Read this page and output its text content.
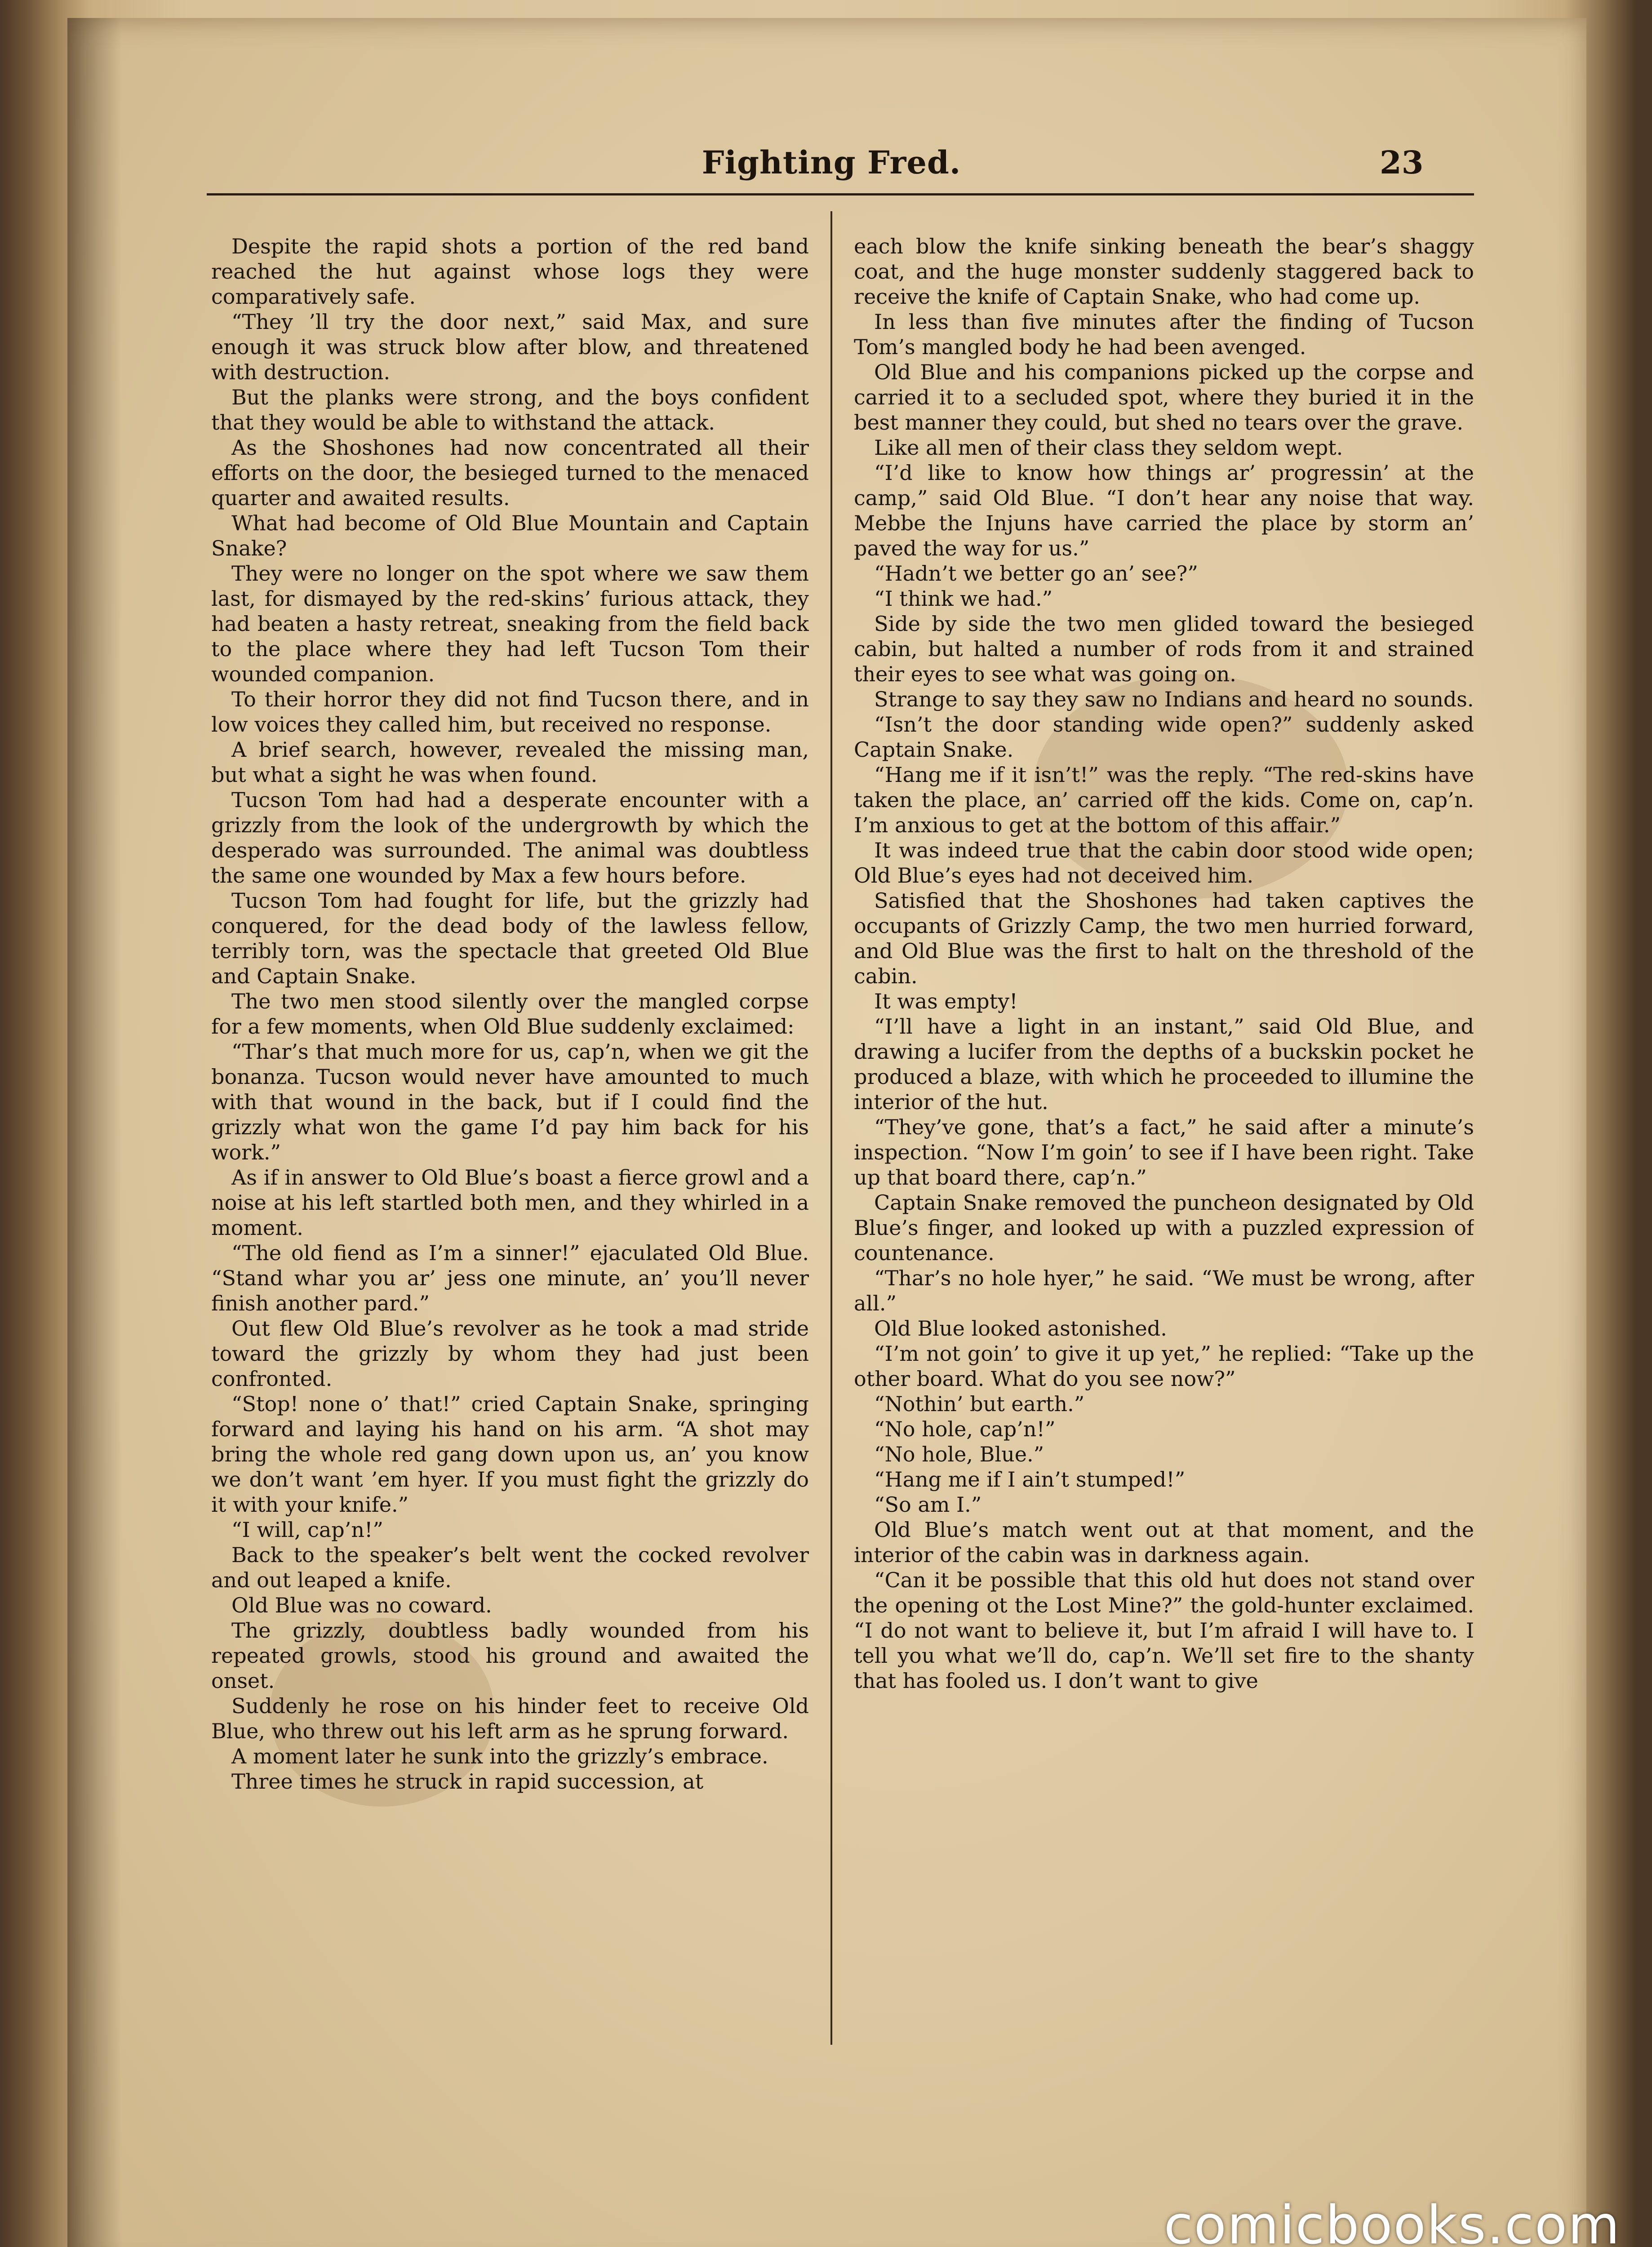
Fighting Fred.	23

Despite the rapid shots a portion of the red band reached the hut against whose logs they were comparatively safe.

“They ’ll try the door next,” said Max, and sure enough it was struck blow after blow, and threatened with destruction.

But the planks were strong, and the boys confident that they would be able to withstand the attack.

As the Shoshones had now concentrated all their efforts on the door, the besieged turned to the menaced quarter and awaited results.

What had become of Old Blue Mountain and Captain Snake?

They were no longer on the spot where we saw them last, for dismayed by the red-skins’ furious attack, they had beaten a hasty retreat, sneaking from the field back to the place where they had left Tucson Tom their wounded companion.

To their horror they did not find Tucson there, and in low voices they called him, but received no response.

A brief search, however, revealed the missing man, but what a sight he was when found.

Tucson Tom had had a desperate encounter with a grizzly from the look of the undergrowth by which the desperado was surrounded. The animal was doubtless the same one wounded by Max a few hours before.

Tucson Tom had fought for life, but the grizzly had conquered, for the dead body of the lawless fellow, terribly torn, was the spectacle that greeted Old Blue and Captain Snake.

The two men stood silently over the mangled corpse for a few moments, when Old Blue suddenly exclaimed:

“Thar’s that much more for us, cap’n, when we git the bonanza. Tucson would never have amounted to much with that wound in the back, but if I could find the grizzly what won the game I’d pay him back for his work.”

As if in answer to Old Blue’s boast a fierce growl and a noise at his left startled both men, and they whirled in a moment.

“The old fiend as I’m a sinner!” ejaculated Old Blue. “Stand whar you ar’ jess one minute, an’ you’ll never finish another pard.”

Out flew Old Blue’s revolver as he took a mad stride toward the grizzly by whom they had just been confronted.

“Stop! none o’ that!” cried Captain Snake, springing forward and laying his hand on his arm. “A shot may bring the whole red gang down upon us, an’ you know we don’t want ’em hyer. If you must fight the grizzly do it with your knife.”

“I will, cap’n!”

Back to the speaker’s belt went the cocked revolver and out leaped a knife.

Old Blue was no coward.

The grizzly, doubtless badly wounded from his repeated growls, stood his ground and awaited the onset.

Suddenly he rose on his hinder feet to receive Old Blue, who threw out his left arm as he sprung forward.

A moment later he sunk into the grizzly’s embrace.

Three times he struck in rapid succession, at

each blow the knife sinking beneath the bear’s shaggy coat, and the huge monster suddenly staggered back to receive the knife of Captain Snake, who had come up.

In less than five minutes after the finding of Tucson Tom’s mangled body he had been avenged.

Old Blue and his companions picked up the corpse and carried it to a secluded spot, where they buried it in the best manner they could, but shed no tears over the grave.

Like all men of their class they seldom wept.

“I’d like to know how things ar’ progressin’ at the camp,” said Old Blue. “I don’t hear any noise that way. Mebbe the Injuns have carried the place by storm an’ paved the way for us.”

“Hadn’t we better go an’ see?”

“I think we had.”

Side by side the two men glided toward the besieged cabin, but halted a number of rods from it and strained their eyes to see what was going on.

Strange to say they saw no Indians and heard no sounds.

“Isn’t the door standing wide open?” suddenly asked Captain Snake.

“Hang me if it isn’t!” was the reply. “The red-skins have taken the place, an’ carried off the kids. Come on, cap’n. I’m anxious to get at the bottom of this affair.”

It was indeed true that the cabin door stood wide open; Old Blue’s eyes had not deceived him.

Satisfied that the Shoshones had taken captives the occupants of Grizzly Camp, the two men hurried forward, and Old Blue was the first to halt on the threshold of the cabin.

It was empty!

“I’ll have a light in an instant,” said Old Blue, and drawing a lucifer from the depths of a buckskin pocket he produced a blaze, with which he proceeded to illumine the interior of the hut.

“They’ve gone, that’s a fact,” he said after a minute’s inspection. “Now I’m goin’ to see if I have been right. Take up that board there, cap’n.”

Captain Snake removed the puncheon designated by Old Blue’s finger, and looked up with a puzzled expression of countenance.

“Thar’s no hole hyer,” he said. “We must be wrong, after all.”

Old Blue looked astonished.

“I’m not goin’ to give it up yet,” he replied: “Take up the other board. What do you see now?”

“Nothin’ but earth.”

“No hole, cap’n!”

“No hole, Blue.”

“Hang me if I ain’t stumped!”

“So am I.”

Old Blue’s match went out at that moment, and the interior of the cabin was in darkness again.

“Can it be possible that this old hut does not stand over the opening ot the Lost Mine?” the gold-hunter exclaimed. “I do not want to believe it, but I’m afraid I will have to. I tell you what we’ll do, cap’n. We’ll set fire to the shanty that has fooled us. I don’t want to give

comicbooks.com
